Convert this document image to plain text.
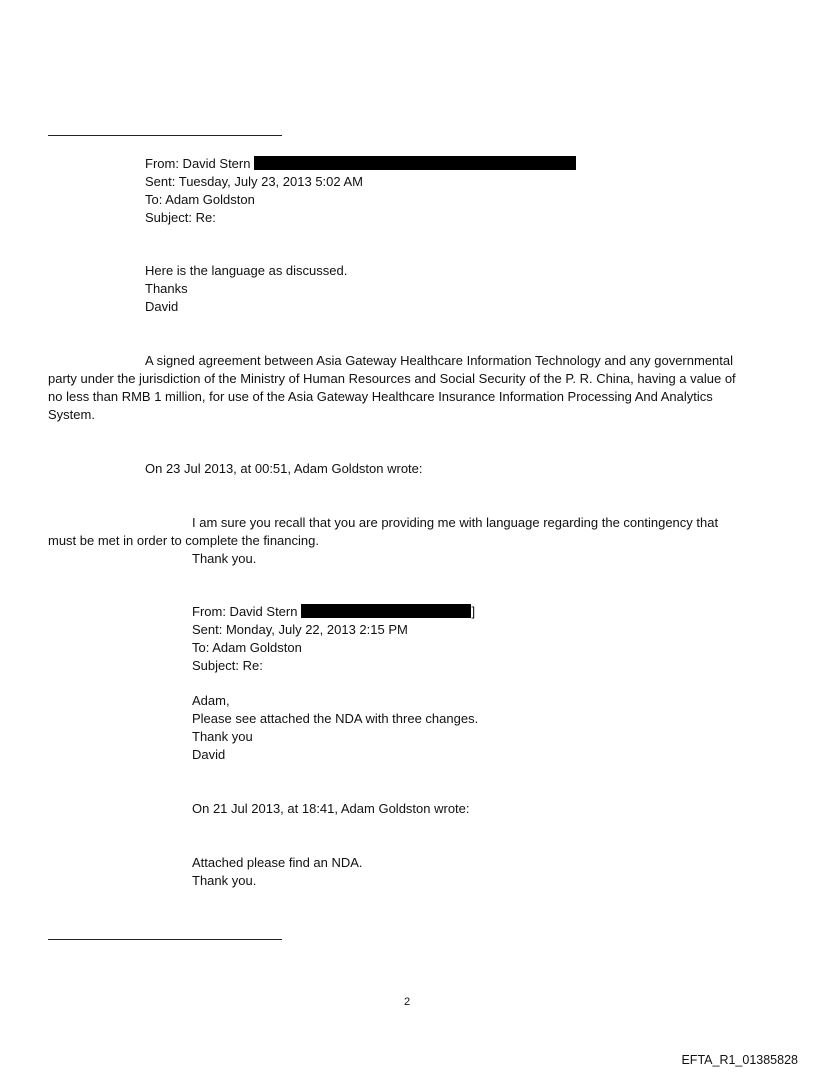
From: David Stern
Sent: Tuesday, July 23, 2013 5:02 AM
To: Adam Goldston
Subject: Re:
Here is the language as discussed.
Thanks
David
A signed agreement between Asia Gateway Healthcare Information Technology and any governmental
party under the jurisdiction of the Ministry of Human Resources and Social Security of the P. R. China, having a value of
no less than RMB 1 million, for use of the Asia Gateway Healthcare Insurance Information Processing And Analytics
System.
On 23 Jul 2013, at 00:51, Adam Goldston wrote:
I am sure you recall that you are providing me with language regarding the contingency that
must be met in order to complete the financing.
Thank you.
From: David Stern	]
Sent: Monday, July 22, 2013 2:15 PM
To: Adam Goldston
Subject: Re:
Adam,
Please see attached the NDA with three changes.
Thank you
David
On 21 Jul 2013, at 18:41, Adam Goldston wrote:
Attached please find an NDA.
Thank you.
2
EFTA_R1_01385828
